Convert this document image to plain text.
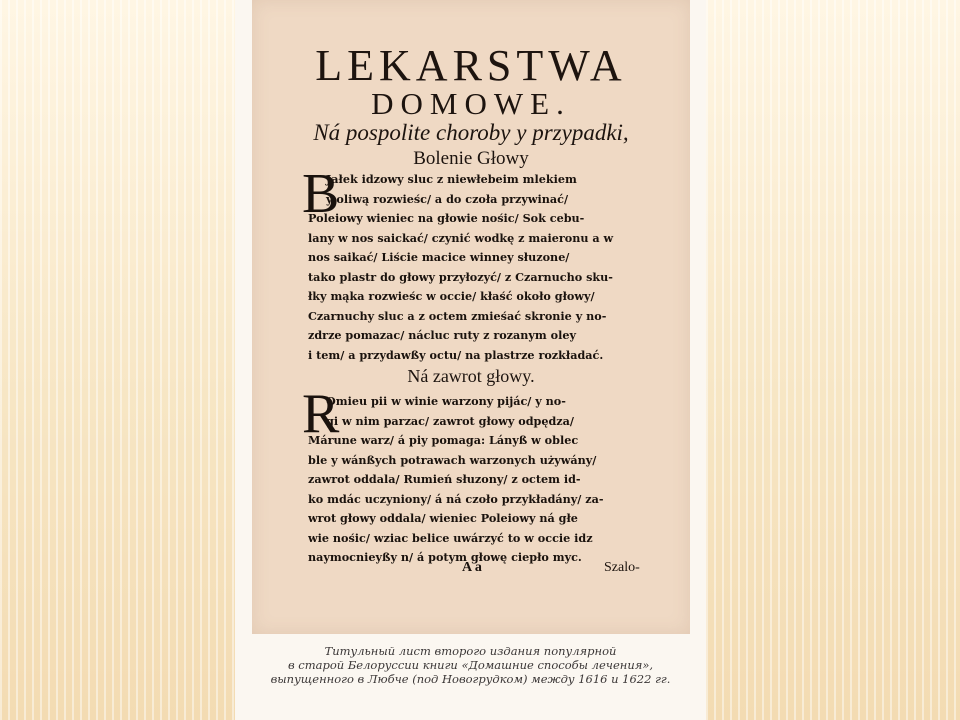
LEKARSTWA
DOMOWE.
Ná pospolite choroby y przypadki,
Bolenie Głowy
B
Jałek idzowy sluc z niewłebeim mlekiem
y oliwą rozwieśc/ a do czoła przywinać/
Poleiowy wieniec na głowie nośic/ Sok cebu-
lany w nos saickać/ czynić wodkę z maieronu a w
nos saikać/ Liście macice winney słuzone/
tako plastr do głowy przyłozyć/ z Czarnucho sku-
łky mąka rozwieśc w occie/ kłaść około głowy/
Czarnuchy sluc a z octem zmieśać skronie y no-
zdrze pomazac/ nácluc ruty z rozanym oley
i tem/ a przydawßy octu/ na plastrze rozkładać.
Ná zawrot głowy.
R
Omieu pii w winie warzony pijác/ y no-
gi w nim parzac/ zawrot głowy odpędza/
Márune warz/ á piy pomaga: Lányß w oblec
ble y wánßych potrawach warzonych używány/
zawrot oddala/ Rumień słuzony/ z octem id-
ko mdác uczyniony/ á ná czoło przykładány/ za-
wrot głowy oddala/ wieniec Poleiowy ná głe
wie nośic/ wziac belice uwárzyć to w occie idz
naymocnieyßy n/ á potym głowę ciepło myc.
A a	Szalo-
Титульный лист второго издания популярной
в старой Белоруссии книги «Домашние способы лечения»,
выпущенного в Любче (под Новогрудком) между 1616 и 1622 гг.
